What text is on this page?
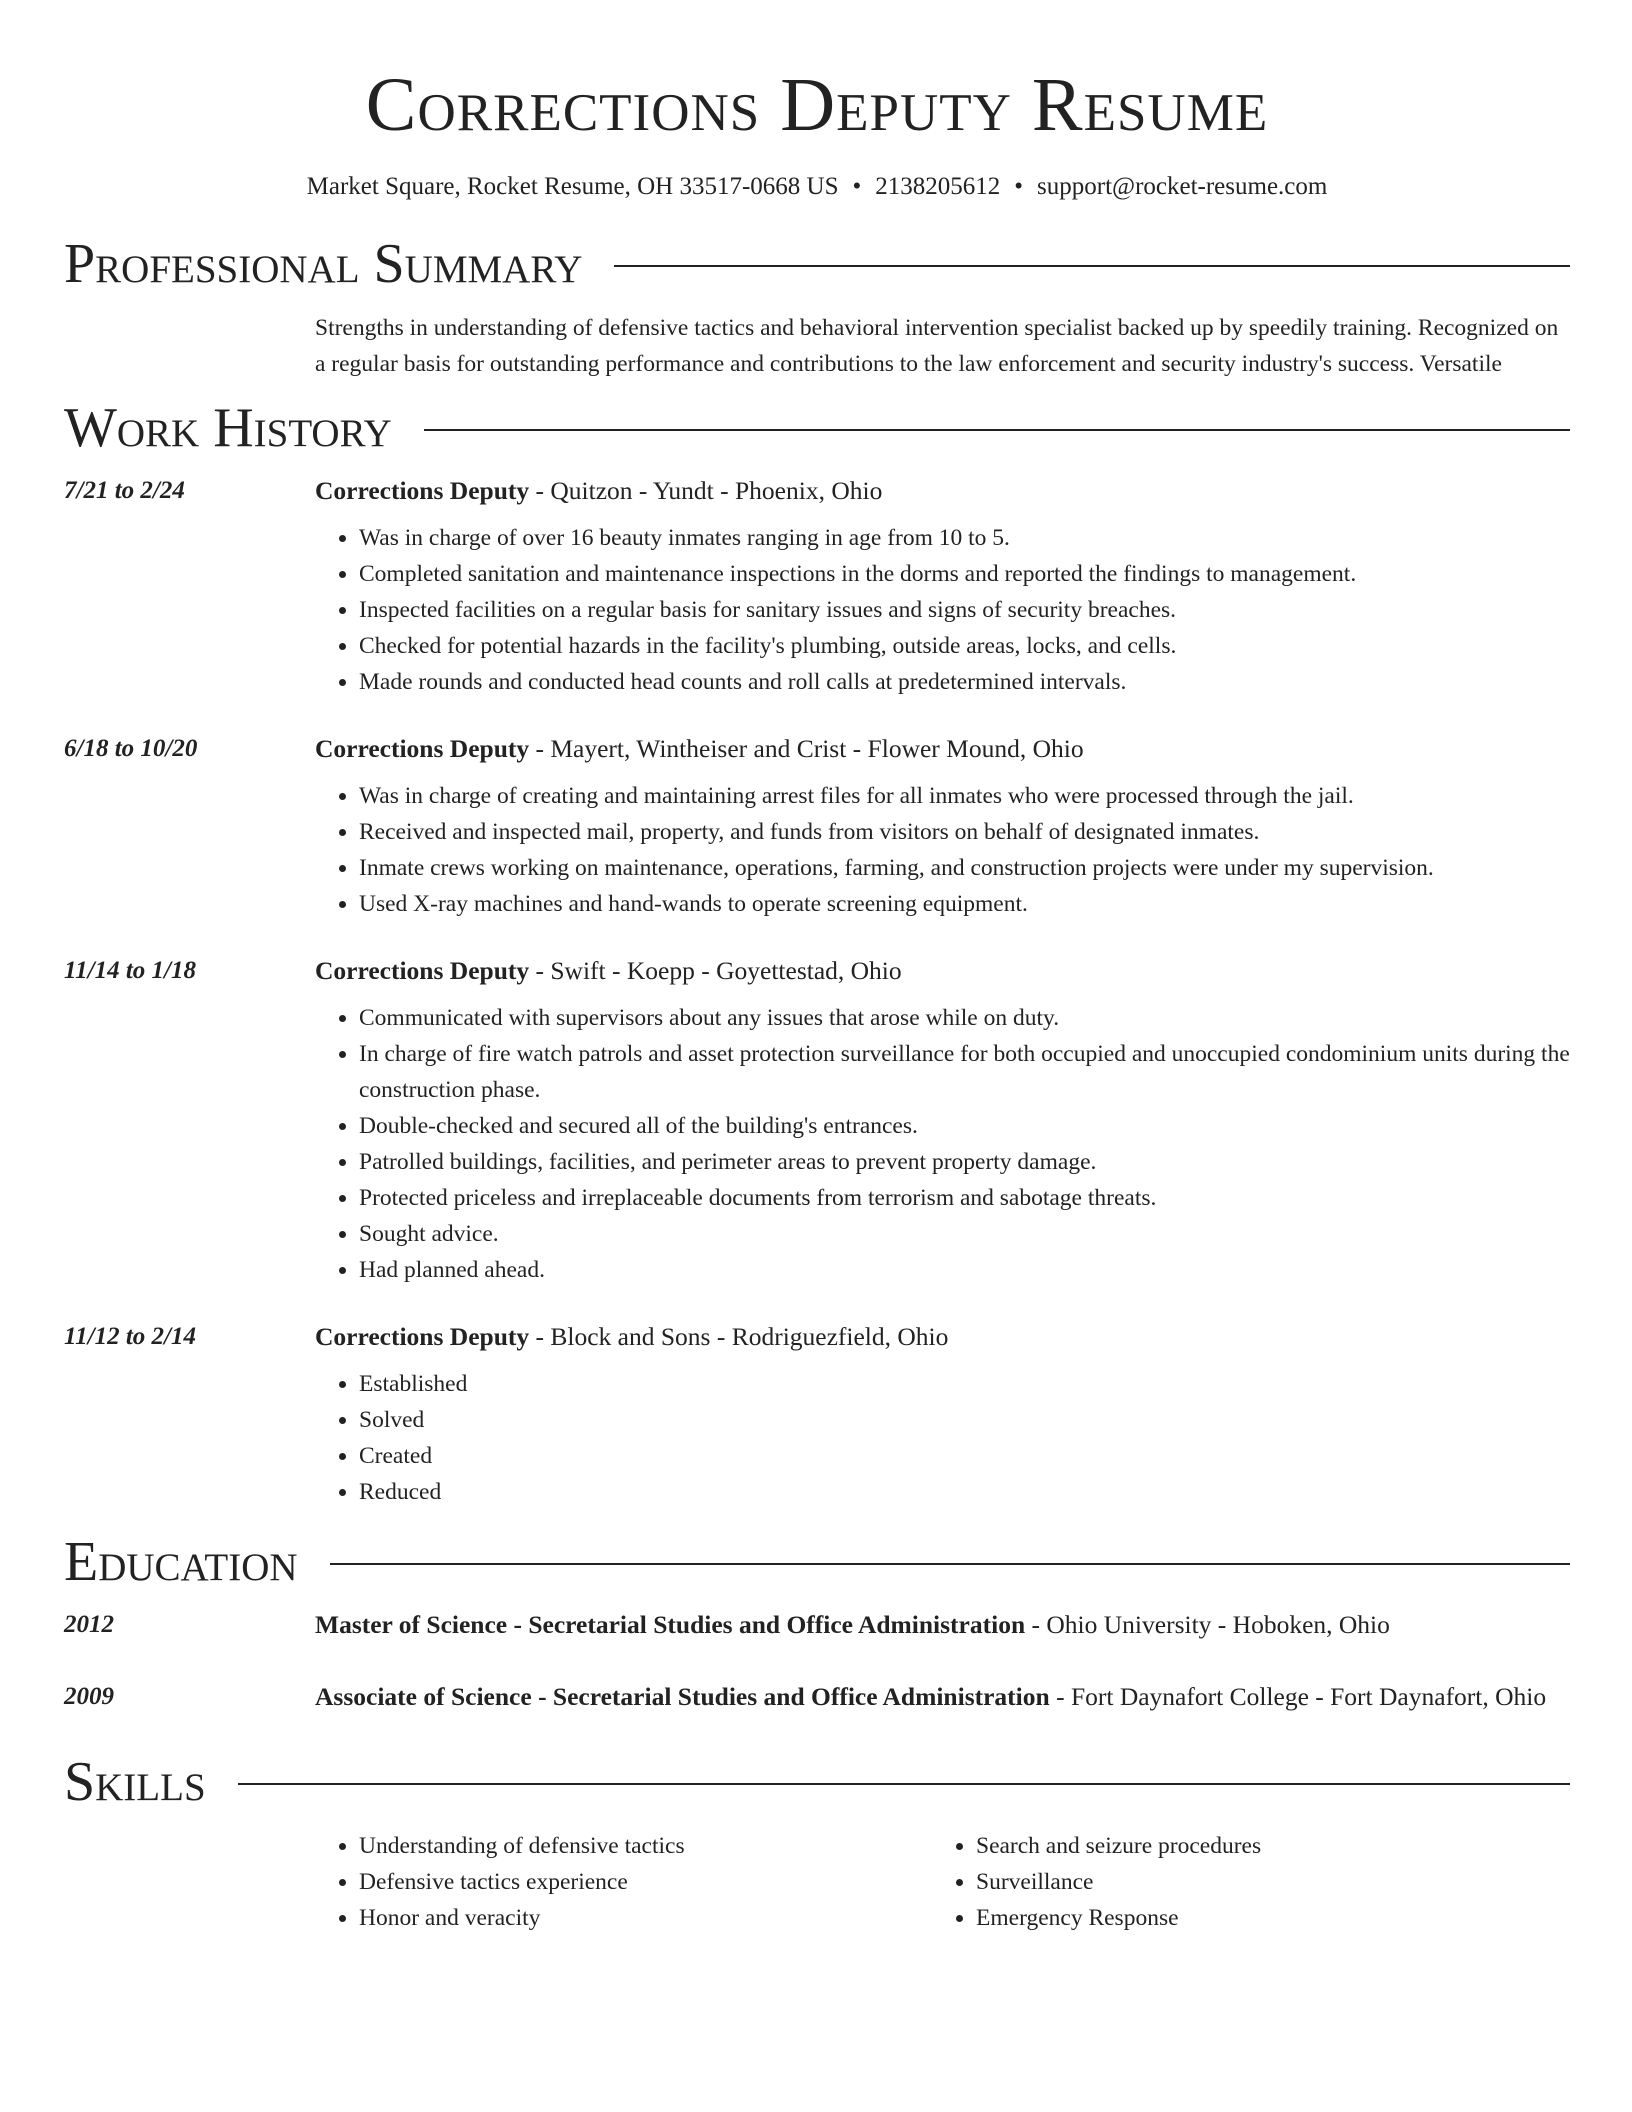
Corrections Deputy Resume
Market Square, Rocket Resume, OH 33517-0668 US • 2138205612 • support@rocket-resume.com
Professional Summary
Strengths in understanding of defensive tactics and behavioral intervention specialist backed up by speedily training. Recognized on a regular basis for outstanding performance and contributions to the law enforcement and security industry's success. Versatile
Work History
7/21 to 2/24	Corrections Deputy - Quitzon - Yundt - Phoenix, Ohio
• Was in charge of over 16 beauty inmates ranging in age from 10 to 5.
• Completed sanitation and maintenance inspections in the dorms and reported the findings to management.
• Inspected facilities on a regular basis for sanitary issues and signs of security breaches.
• Checked for potential hazards in the facility's plumbing, outside areas, locks, and cells.
• Made rounds and conducted head counts and roll calls at predetermined intervals.
6/18 to 10/20	Corrections Deputy - Mayert, Wintheiser and Crist - Flower Mound, Ohio
• Was in charge of creating and maintaining arrest files for all inmates who were processed through the jail.
• Received and inspected mail, property, and funds from visitors on behalf of designated inmates.
• Inmate crews working on maintenance, operations, farming, and construction projects were under my supervision.
• Used X-ray machines and hand-wands to operate screening equipment.
11/14 to 1/18	Corrections Deputy - Swift - Koepp - Goyettestad, Ohio
• Communicated with supervisors about any issues that arose while on duty.
• In charge of fire watch patrols and asset protection surveillance for both occupied and unoccupied condominium units during the construction phase.
• Double-checked and secured all of the building's entrances.
• Patrolled buildings, facilities, and perimeter areas to prevent property damage.
• Protected priceless and irreplaceable documents from terrorism and sabotage threats.
• Sought advice.
• Had planned ahead.
11/12 to 2/14	Corrections Deputy - Block and Sons - Rodriguezfield, Ohio
• Established
• Solved
• Created
• Reduced
Education
2012	Master of Science - Secretarial Studies and Office Administration - Ohio University - Hoboken, Ohio
2009	Associate of Science - Secretarial Studies and Office Administration - Fort Daynafort College - Fort Daynafort, Ohio
Skills
• Understanding of defensive tactics
• Defensive tactics experience
• Honor and veracity
• Search and seizure procedures
• Surveillance
• Emergency Response
